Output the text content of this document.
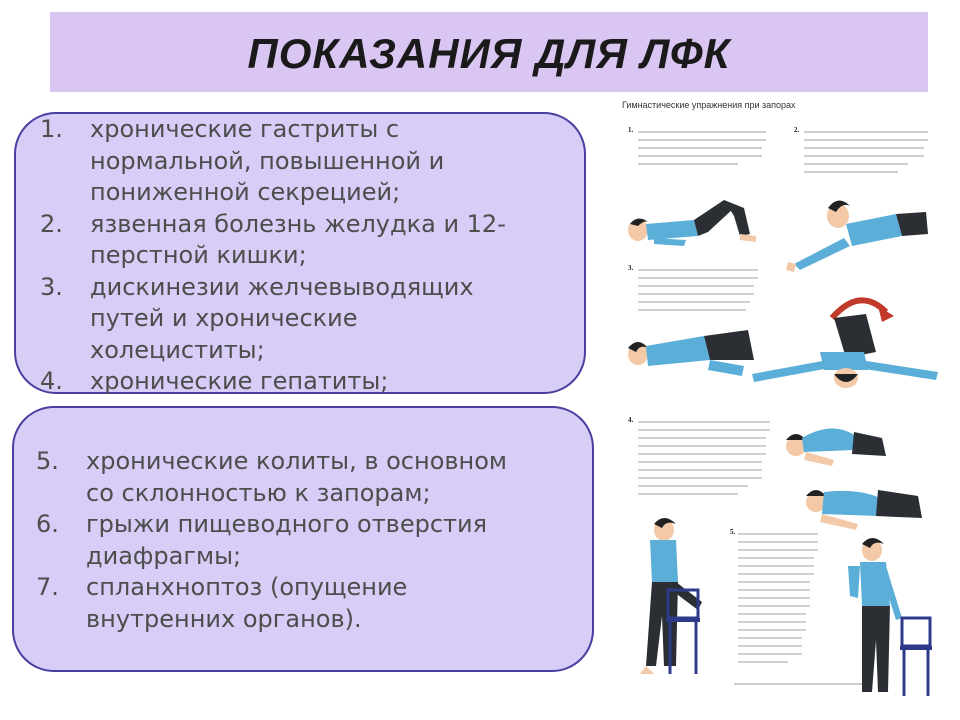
ПОКАЗАНИЯ ДЛЯ ЛФК
1. хронические гастриты с
нормальной, повышенной и
пониженной секрецией;
2. язвенная болезнь желудка и 12-
перстной кишки;
3. дискинезии желчевыводящих
путей и хронические
холециститы;
4. хронические гепатиты;
5. хронические колиты, в основном
со склонностью к запорам;
6. грыжи пищеводного отверстия
диафрагмы;
7. спланхноптоз (опущение
внутренних органов).
Гимнастические упражнения при запорах
1.	2.
3.
4.
5.
